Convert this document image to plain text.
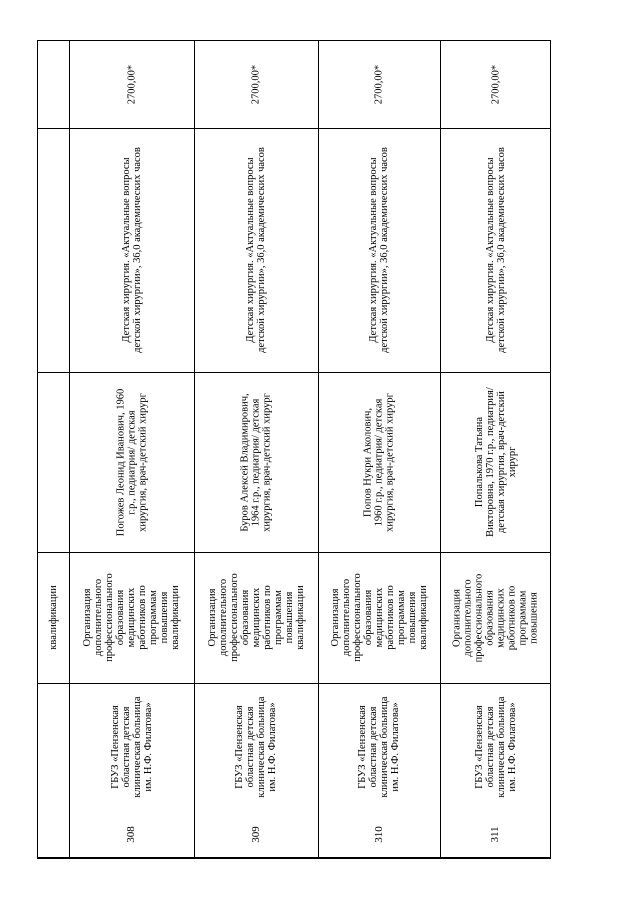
квалификации
2700,00*
Детская хирургия. «Актуальные вопросы
детской хирургии», 36,0 академических часов
Погожев Леонид Иванович, 1960
г.р., педиатрия/ детская
хирургия, врач-детский хирург
Организация
дополнительного
профессионального
образования
медицинских
работников по
программам
повышения
квалификации
ГБУЗ «Пензенская
областная детская
клиническая больница
им. Н.Ф. Филатова»
308
2700,00*
Детская хирургия. «Актуальные вопросы
детской хирургии», 36,0 академических часов
Буров Алексей Владимирович,
1964 г.р., педиатрия/ детская
хирургия, врач-детский хирург
Организация
дополнительного
профессионального
образования
медицинских
работников по
программам
повышения
квалификации
ГБУЗ «Пензенская
областная детская
клиническая больница
им. Н.Ф. Филатова»
309
2700,00*
Детская хирургия. «Актуальные вопросы
детской хирургии», 36,0 академических часов
Попов Нукри Аколович,
1960 г.р., педиатрия/ детская
хирургия, врач-детский хирург
Организация
дополнительного
профессионального
образования
медицинских
работников по
программам
повышения
квалификации
ГБУЗ «Пензенская
областная детская
клиническая больница
им. Н.Ф. Филатова»
310
2700,00*
Детская хирургия. «Актуальные вопросы
детской хирургии», 36,0 академических часов
Попалькова Татьяна
Викторовна, 1970 г.р., педиатрия/
детская хирургия, врач-детский
хирург
Организация
дополнительного
профессионального
образования
медицинских
работников по
программам
повышения
ГБУЗ «Пензенская
областная детская
клиническая больница
им. Н.Ф. Филатова»
311
